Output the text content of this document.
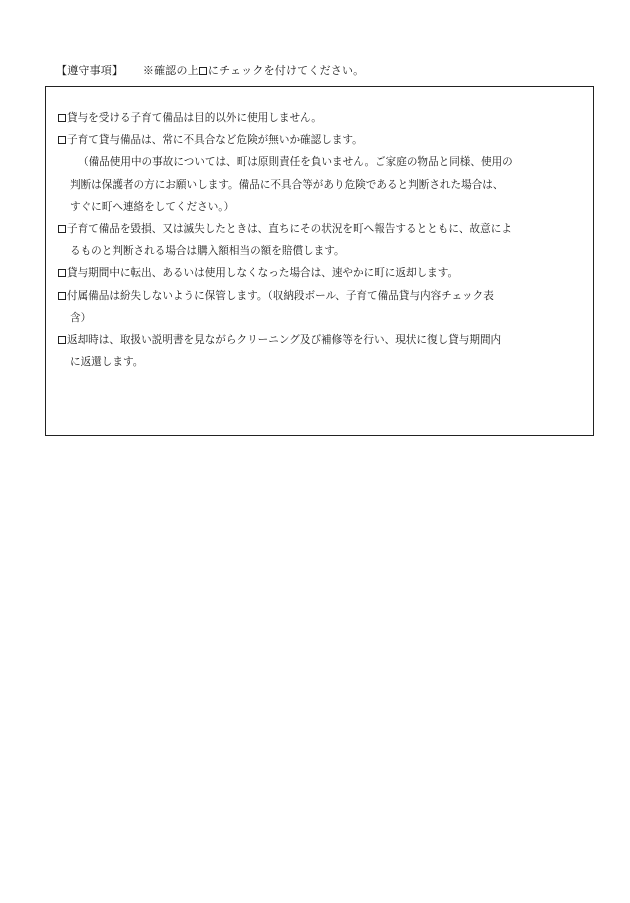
【遵守事項】 ※確認の上 にチェックを付けてください。
貸与を受ける子育て備品は目的以外に使用しません。
子育て貸与備品は、常に不具合など危険が無いか確認します。
（備品使用中の事故については、町は原則責任を負いません。ご家庭の物品と同様、使用の
判断は保護者の方にお願いします。備品に不具合等があり危険であると判断された場合は、
すぐに町へ連絡をしてください。）
子育て備品を毀損、又は滅失したときは、直ちにその状況を町へ報告するとともに、故意によ
るものと判断される場合は購入額相当の額を賠償します。
貸与期間中に転出、あるいは使用しなくなった場合は、速やかに町に返却します。
付属備品は紛失しないように保管します。（収納段ボール、子育て備品貸与内容チェック表
含）
返却時は、取扱い説明書を見ながらクリーニング及び補修等を行い、現状に復し貸与期間内
に返還します。
